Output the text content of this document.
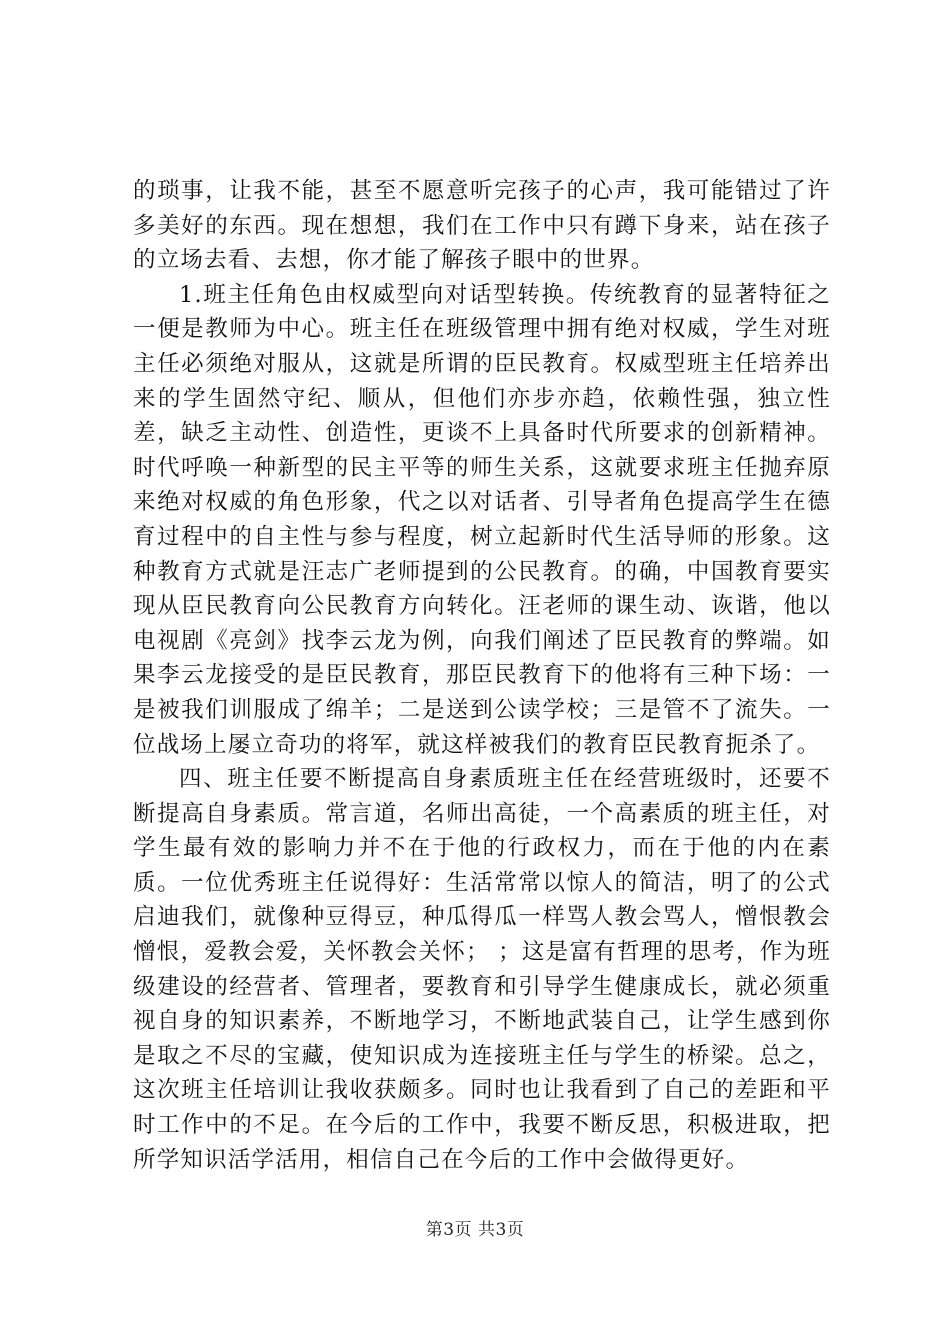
的琐事，让我不能，甚至不愿意听完孩子的心声，我可能错过了许多美好的东西。现在想想，我们在工作中只有蹲下身来，站在孩子的立场去看、去想，你才能了解孩子眼中的世界。

1.班主任角色由权威型向对话型转换。传统教育的显著特征之一便是教师为中心。班主任在班级管理中拥有绝对权威，学生对班主任必须绝对服从，这就是所谓的臣民教育。权威型班主任培养出来的学生固然守纪、顺从，但他们亦步亦趋，依赖性强，独立性差，缺乏主动性、创造性，更谈不上具备时代所要求的创新精神。时代呼唤一种新型的民主平等的师生关系，这就要求班主任抛弃原来绝对权威的角色形象，代之以对话者、引导者角色提高学生在德育过程中的自主性与参与程度，树立起新时代生活导师的形象。这种教育方式就是汪志广老师提到的公民教育。的确，中国教育要实现从臣民教育向公民教育方向转化。汪老师的课生动、诙谐，他以电视剧《亮剑》找李云龙为例，向我们阐述了臣民教育的弊端。如果李云龙接受的是臣民教育，那臣民教育下的他将有三种下场：一是被我们训服成了绵羊；二是送到公读学校；三是管不了流失。一位战场上屡立奇功的将军，就这样被我们的教育臣民教育扼杀了。

四、班主任要不断提高自身素质班主任在经营班级时，还要不断提高自身素质。常言道，名师出高徒，一个高素质的班主任，对学生最有效的影响力并不在于他的行政权力，而在于他的内在素质。一位优秀班主任说得好：生活常常以惊人的简洁，明了的公式启迪我们，就像种豆得豆，种瓜得瓜一样骂人教会骂人，憎恨教会憎恨，爱教会爱，关怀教会关怀； ；这是富有哲理的思考，作为班级建设的经营者、管理者，要教育和引导学生健康成长，就必须重视自身的知识素养，不断地学习，不断地武装自己，让学生感到你是取之不尽的宝藏，使知识成为连接班主任与学生的桥梁。总之，这次班主任培训让我收获颇多。同时也让我看到了自己的差距和平时工作中的不足。在今后的工作中，我要不断反思，积极进取，把所学知识活学活用，相信自己在今后的工作中会做得更好。

第3页 共3页
